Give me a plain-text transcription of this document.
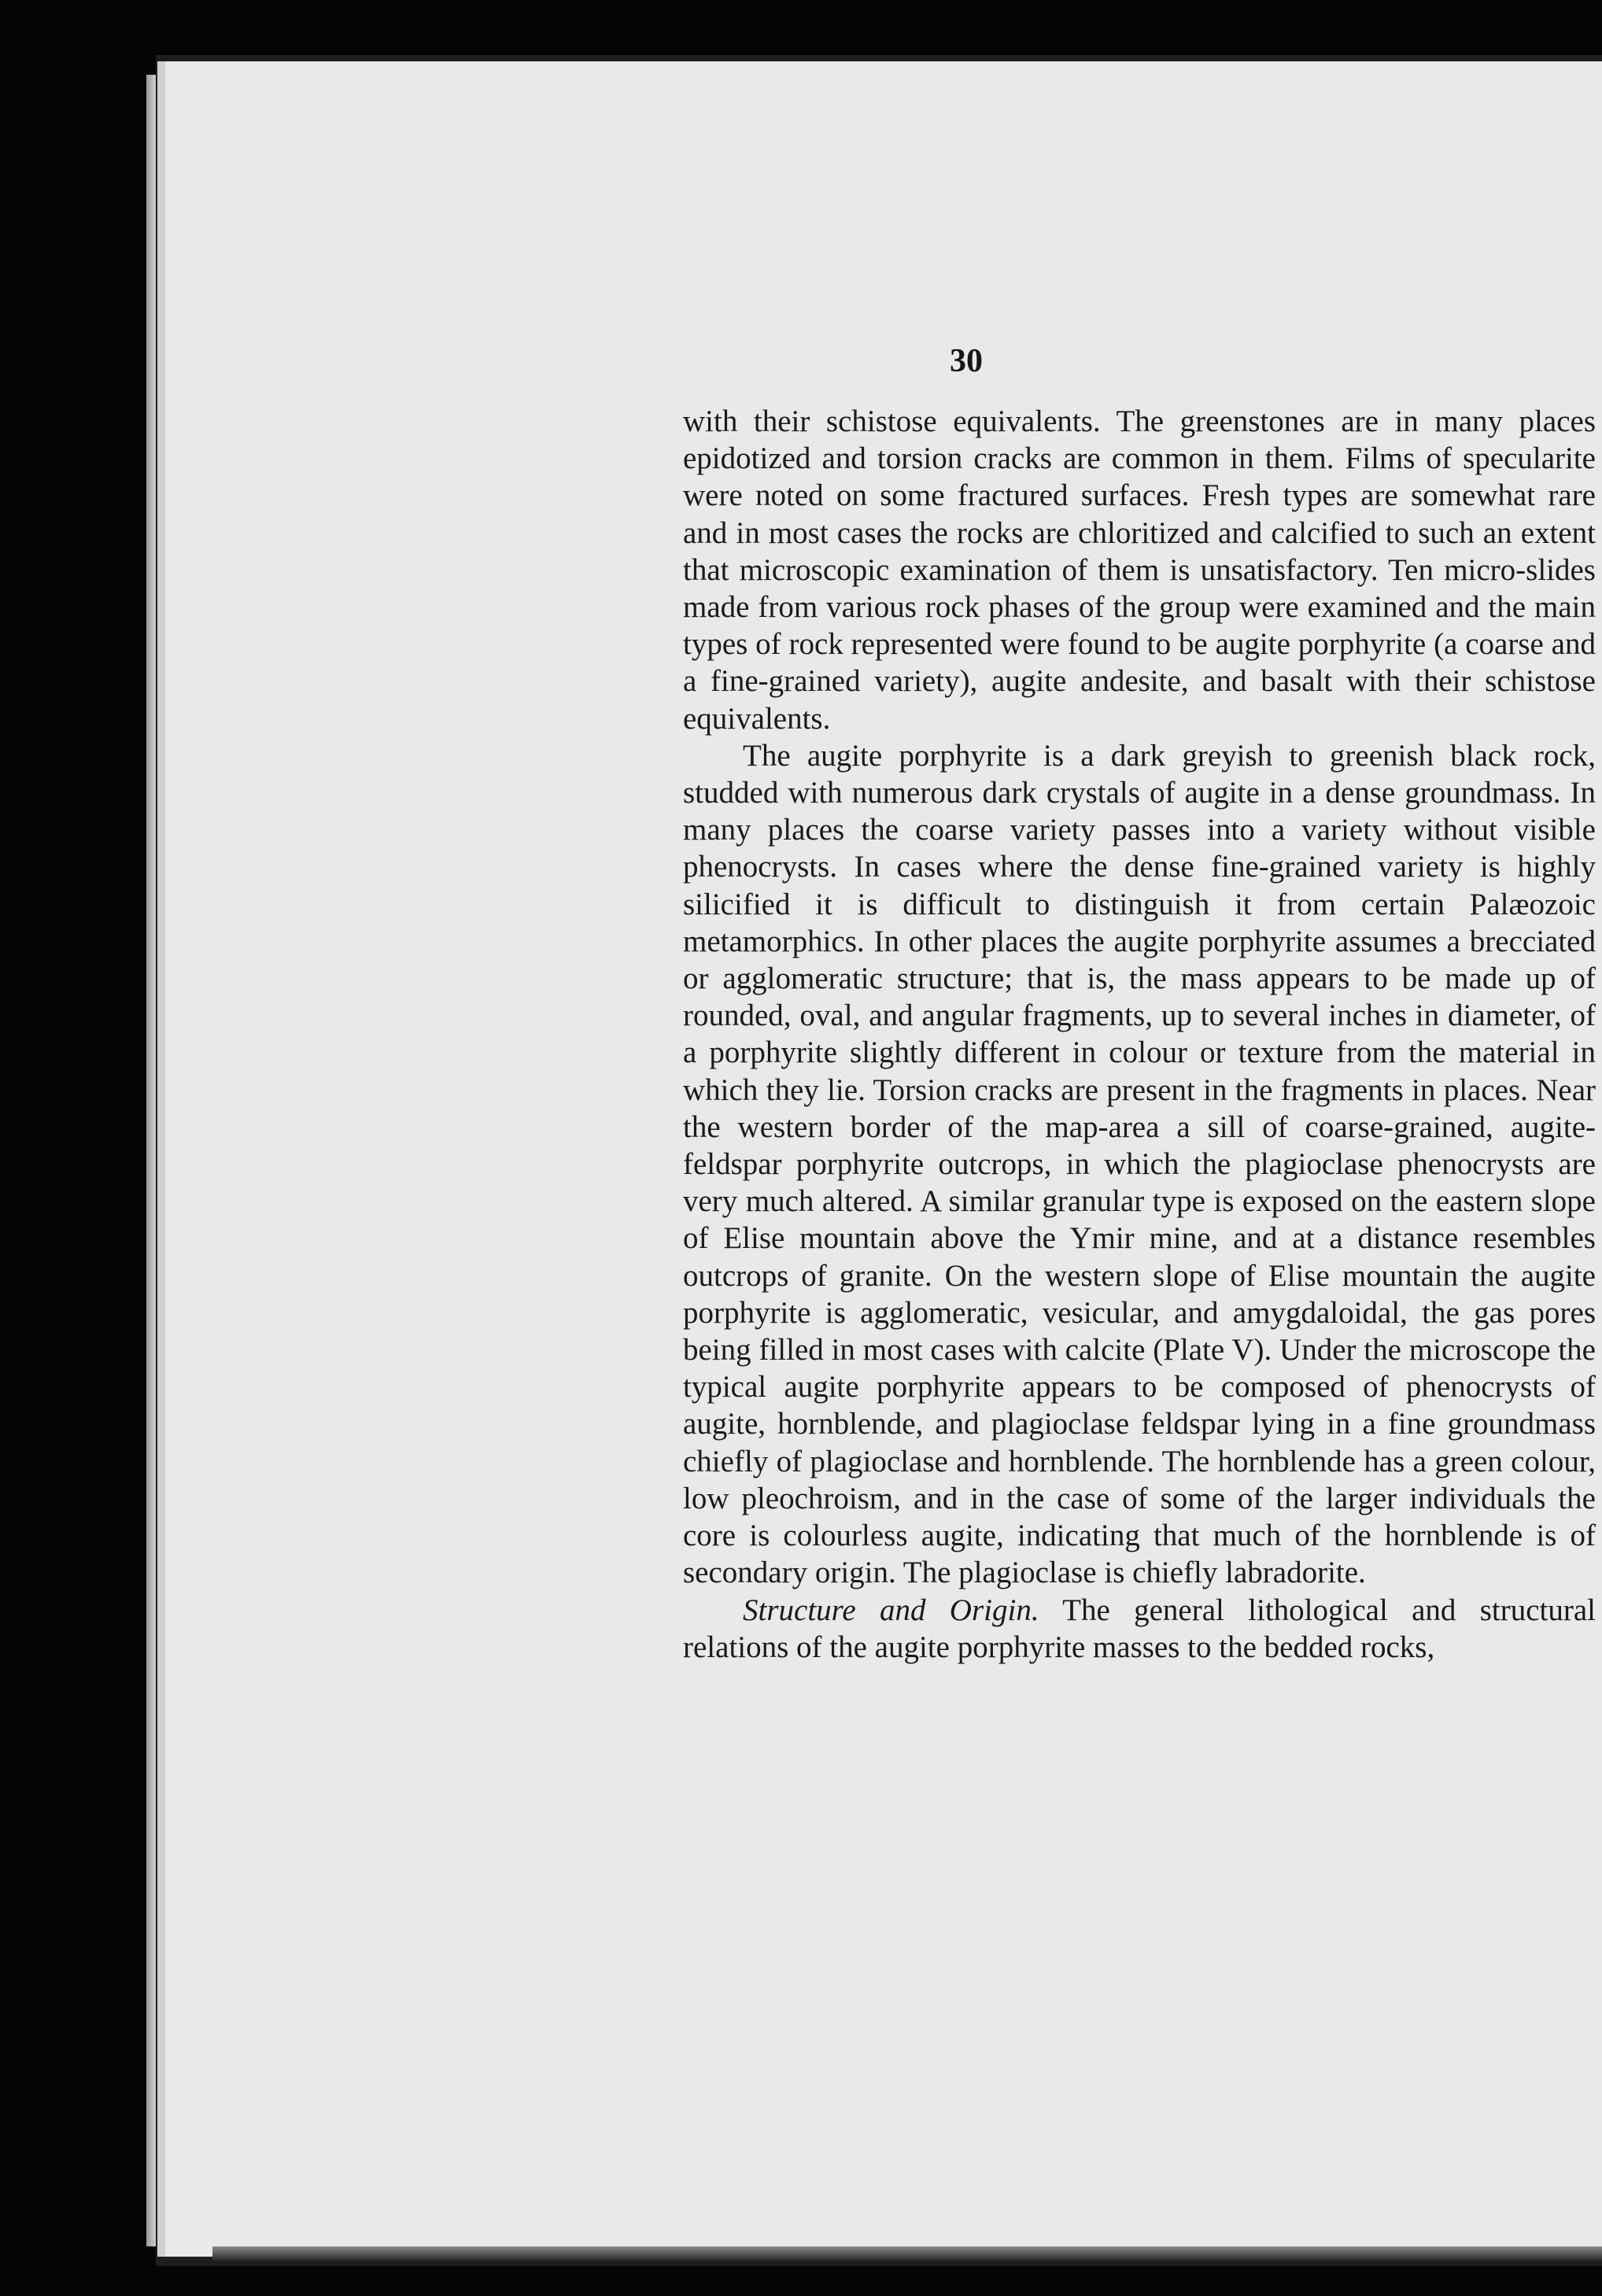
30

with their schistose equivalents. The greenstones are in many places epidotized and torsion cracks are common in them. Films of specularite were noted on some fractured surfaces. Fresh types are somewhat rare and in most cases the rocks are chloritized and calcified to such an extent that microscopic examination of them is unsatisfactory. Ten micro-slides made from various rock phases of the group were examined and the main types of rock represented were found to be augite porphyrite (a coarse and a fine-grained variety), augite andesite, and basalt with their schistose equivalents.

The augite porphyrite is a dark greyish to greenish black rock, studded with numerous dark crystals of augite in a dense groundmass. In many places the coarse variety passes into a variety without visible phenocrysts. In cases where the dense fine-grained variety is highly silicified it is difficult to distinguish it from certain Palæozoic metamorphics. In other places the augite porphyrite assumes a brecciated or agglomeratic structure; that is, the mass appears to be made up of rounded, oval, and angular fragments, up to several inches in diameter, of a porphyrite slightly different in colour or texture from the material in which they lie. Torsion cracks are present in the fragments in places. Near the western border of the map-area a sill of coarse-grained, augite-feldspar porphyrite outcrops, in which the plagioclase phenocrysts are very much altered. A similar granular type is exposed on the eastern slope of Elise mountain above the Ymir mine, and at a distance resembles outcrops of granite. On the western slope of Elise mountain the augite porphyrite is agglomeratic, vesicular, and amygdaloidal, the gas pores being filled in most cases with calcite (Plate V). Under the microscope the typical augite porphyrite appears to be composed of phenocrysts of augite, hornblende, and plagioclase feldspar lying in a fine groundmass chiefly of plagioclase and hornblende. The hornblende has a green colour, low pleochroism, and in the case of some of the larger individuals the core is colourless augite, indicating that much of the hornblende is of secondary origin. The plagioclase is chiefly labradorite.

Structure and Origin. The general lithological and structural relations of the augite porphyrite masses to the bedded rocks,
